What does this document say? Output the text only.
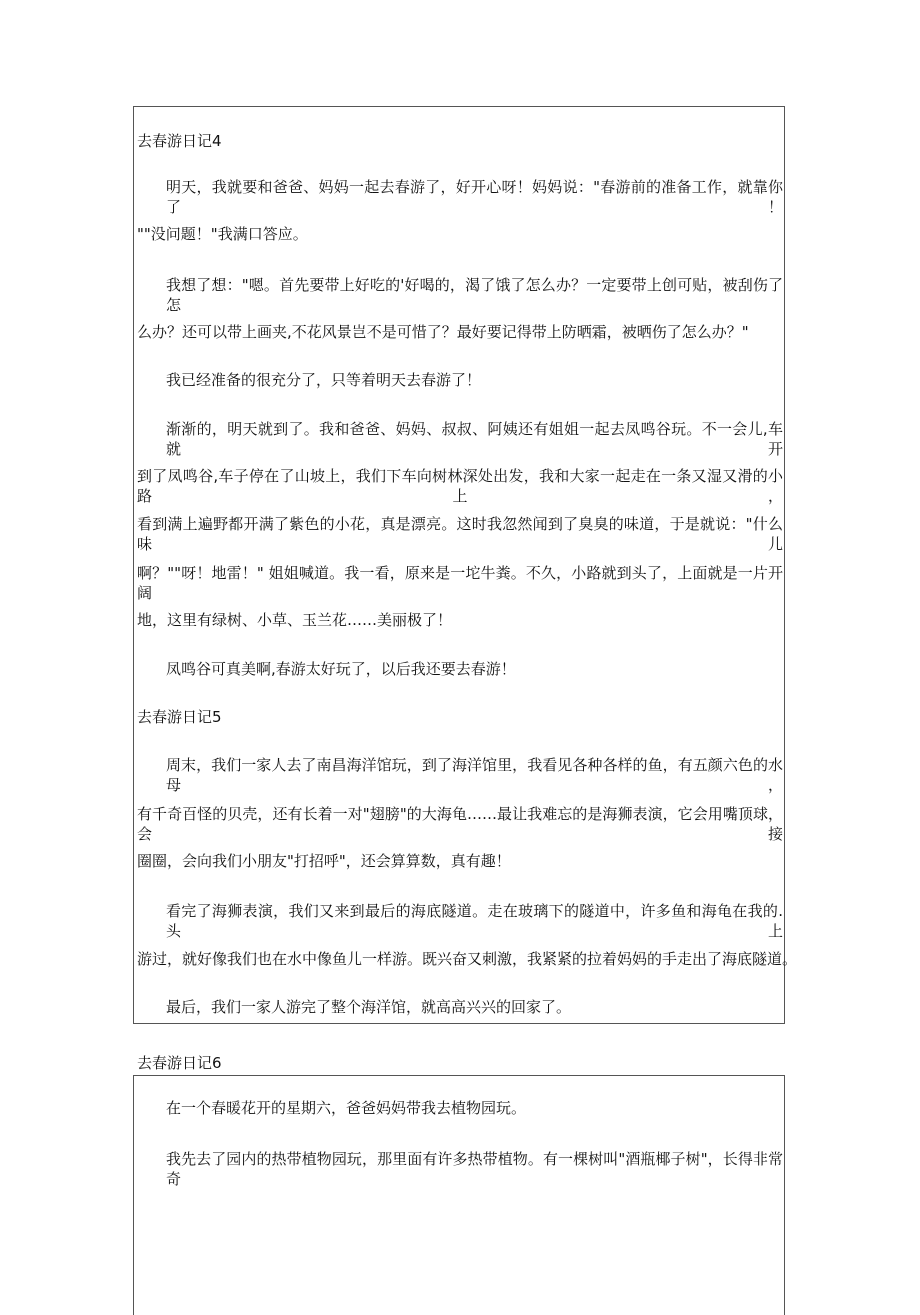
去春游日记4

明天，我就要和爸爸、妈妈一起去春游了，好开心呀！妈妈说："春游前的准备工作，就靠你了！

""没问题！"我满口答应。

我想了想："嗯。首先要带上好吃的'好喝的，渴了饿了怎么办？一定要带上创可贴，被刮伤了怎

么办？还可以带上画夹,不花风景岂不是可惜了？最好要记得带上防晒霜，被晒伤了怎么办？"

我已经准备的很充分了，只等着明天去春游了！

渐渐的，明天就到了。我和爸爸、妈妈、叔叔、阿姨还有姐姐一起去凤鸣谷玩。不一会儿,车就开

到了凤鸣谷,车子停在了山坡上，我们下车向树林深处出发，我和大家一起走在一条又湿又滑的小路上，

看到满上遍野都开满了紫色的小花，真是漂亮。这时我忽然闻到了臭臭的味道，于是就说："什么味儿

啊？""呀！地雷！" 姐姐喊道。我一看，原来是一坨牛粪。不久，小路就到头了，上面就是一片开阔

地，这里有绿树、小草、玉兰花……美丽极了！

凤鸣谷可真美啊,春游太好玩了，以后我还要去春游！

去春游日记5

周末，我们一家人去了南昌海洋馆玩，到了海洋馆里，我看见各种各样的鱼，有五颜六色的水母，

有千奇百怪的贝壳，还有长着一对"翅膀"的大海龟……最让我难忘的是海狮表演，它会用嘴顶球，会接

圈圈，会向我们小朋友"打招呼"，还会算算数，真有趣！

看完了海狮表演，我们又来到最后的海底隧道。走在玻璃下的隧道中，许多鱼和海龟在我的.头上

游过，就好像我们也在水中像鱼儿一样游。既兴奋又刺激，我紧紧的拉着妈妈的手走出了海底隧道。

最后，我们一家人游完了整个海洋馆，就高高兴兴的回家了。

去春游日记6

在一个春暖花开的星期六，爸爸妈妈带我去植物园玩。

我先去了园内的热带植物园玩，那里面有许多热带植物。有一棵树叫"酒瓶椰子树"，长得非常奇
